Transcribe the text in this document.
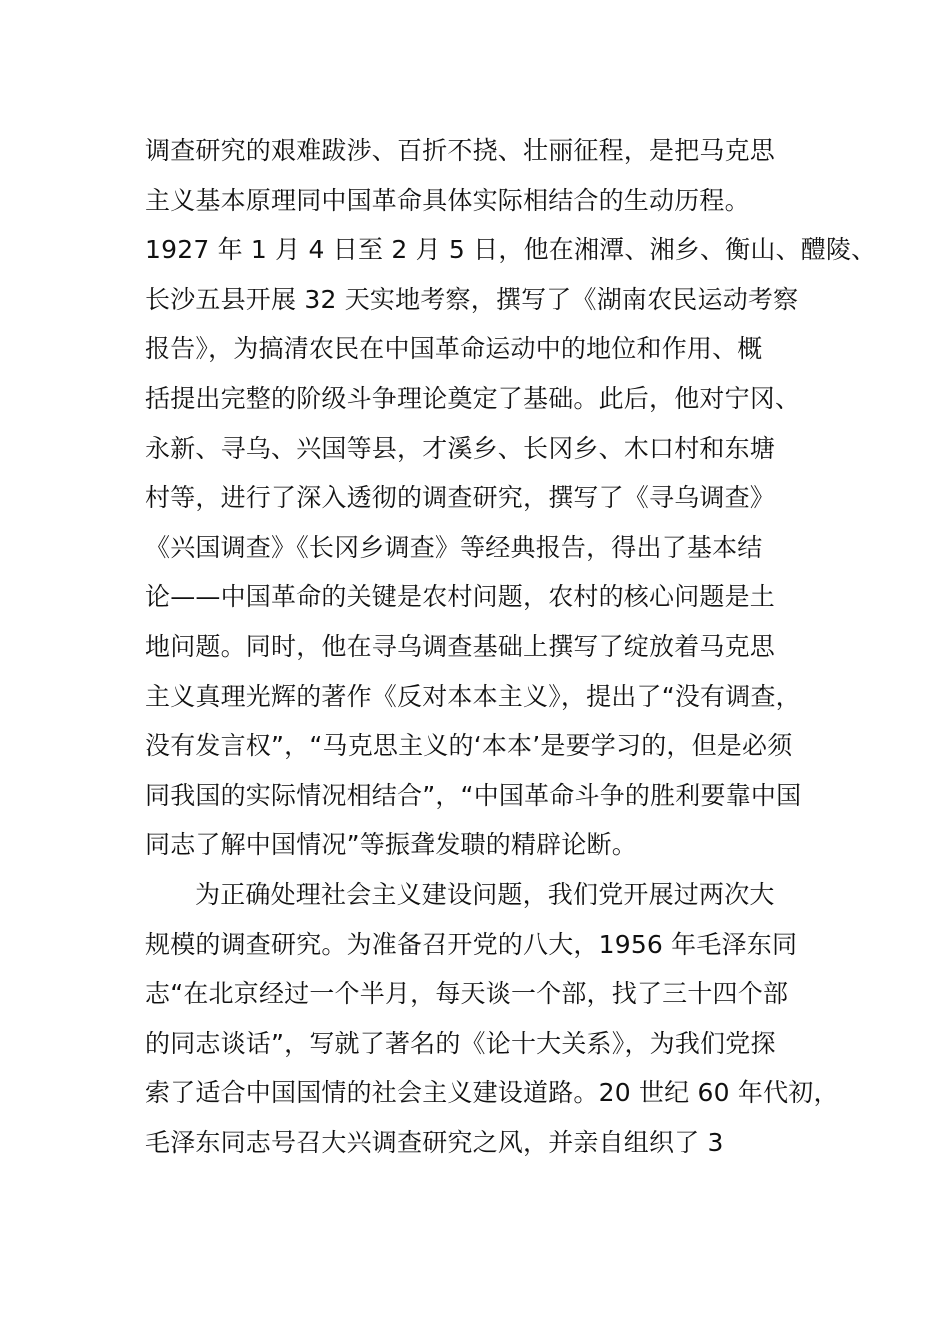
调查研究的艰难跋涉、百折不挠、壮丽征程，是把马克思
主义基本原理同中国革命具体实际相结合的生动历程。
1927 年 1 月 4 日至 2 月 5 日，他在湘潭、湘乡、衡山、醴陵、
长沙五县开展 32 天实地考察，撰写了《湖南农民运动考察
报告》，为搞清农民在中国革命运动中的地位和作用、概
括提出完整的阶级斗争理论奠定了基础。此后，他对宁冈、
永新、寻乌、兴国等县，才溪乡、长冈乡、木口村和东塘
村等，进行了深入透彻的调查研究，撰写了《寻乌调查》
《兴国调查》《长冈乡调查》等经典报告，得出了基本结
论——中国革命的关键是农村问题，农村的核心问题是土
地问题。同时，他在寻乌调查基础上撰写了绽放着马克思
主义真理光辉的著作《反对本本主义》，提出了“没有调查，
没有发言权”，“马克思主义的‘本本’是要学习的，但是必须
同我国的实际情况相结合”，“中国革命斗争的胜利要靠中国
同志了解中国情况”等振聋发聩的精辟论断。
为正确处理社会主义建设问题，我们党开展过两次大
规模的调查研究。为准备召开党的八大，1956 年毛泽东同
志“在北京经过一个半月，每天谈一个部，找了三十四个部
的同志谈话”，写就了著名的《论十大关系》，为我们党探
索了适合中国国情的社会主义建设道路。20 世纪 60 年代初，
毛泽东同志号召大兴调查研究之风，并亲自组织了 3
